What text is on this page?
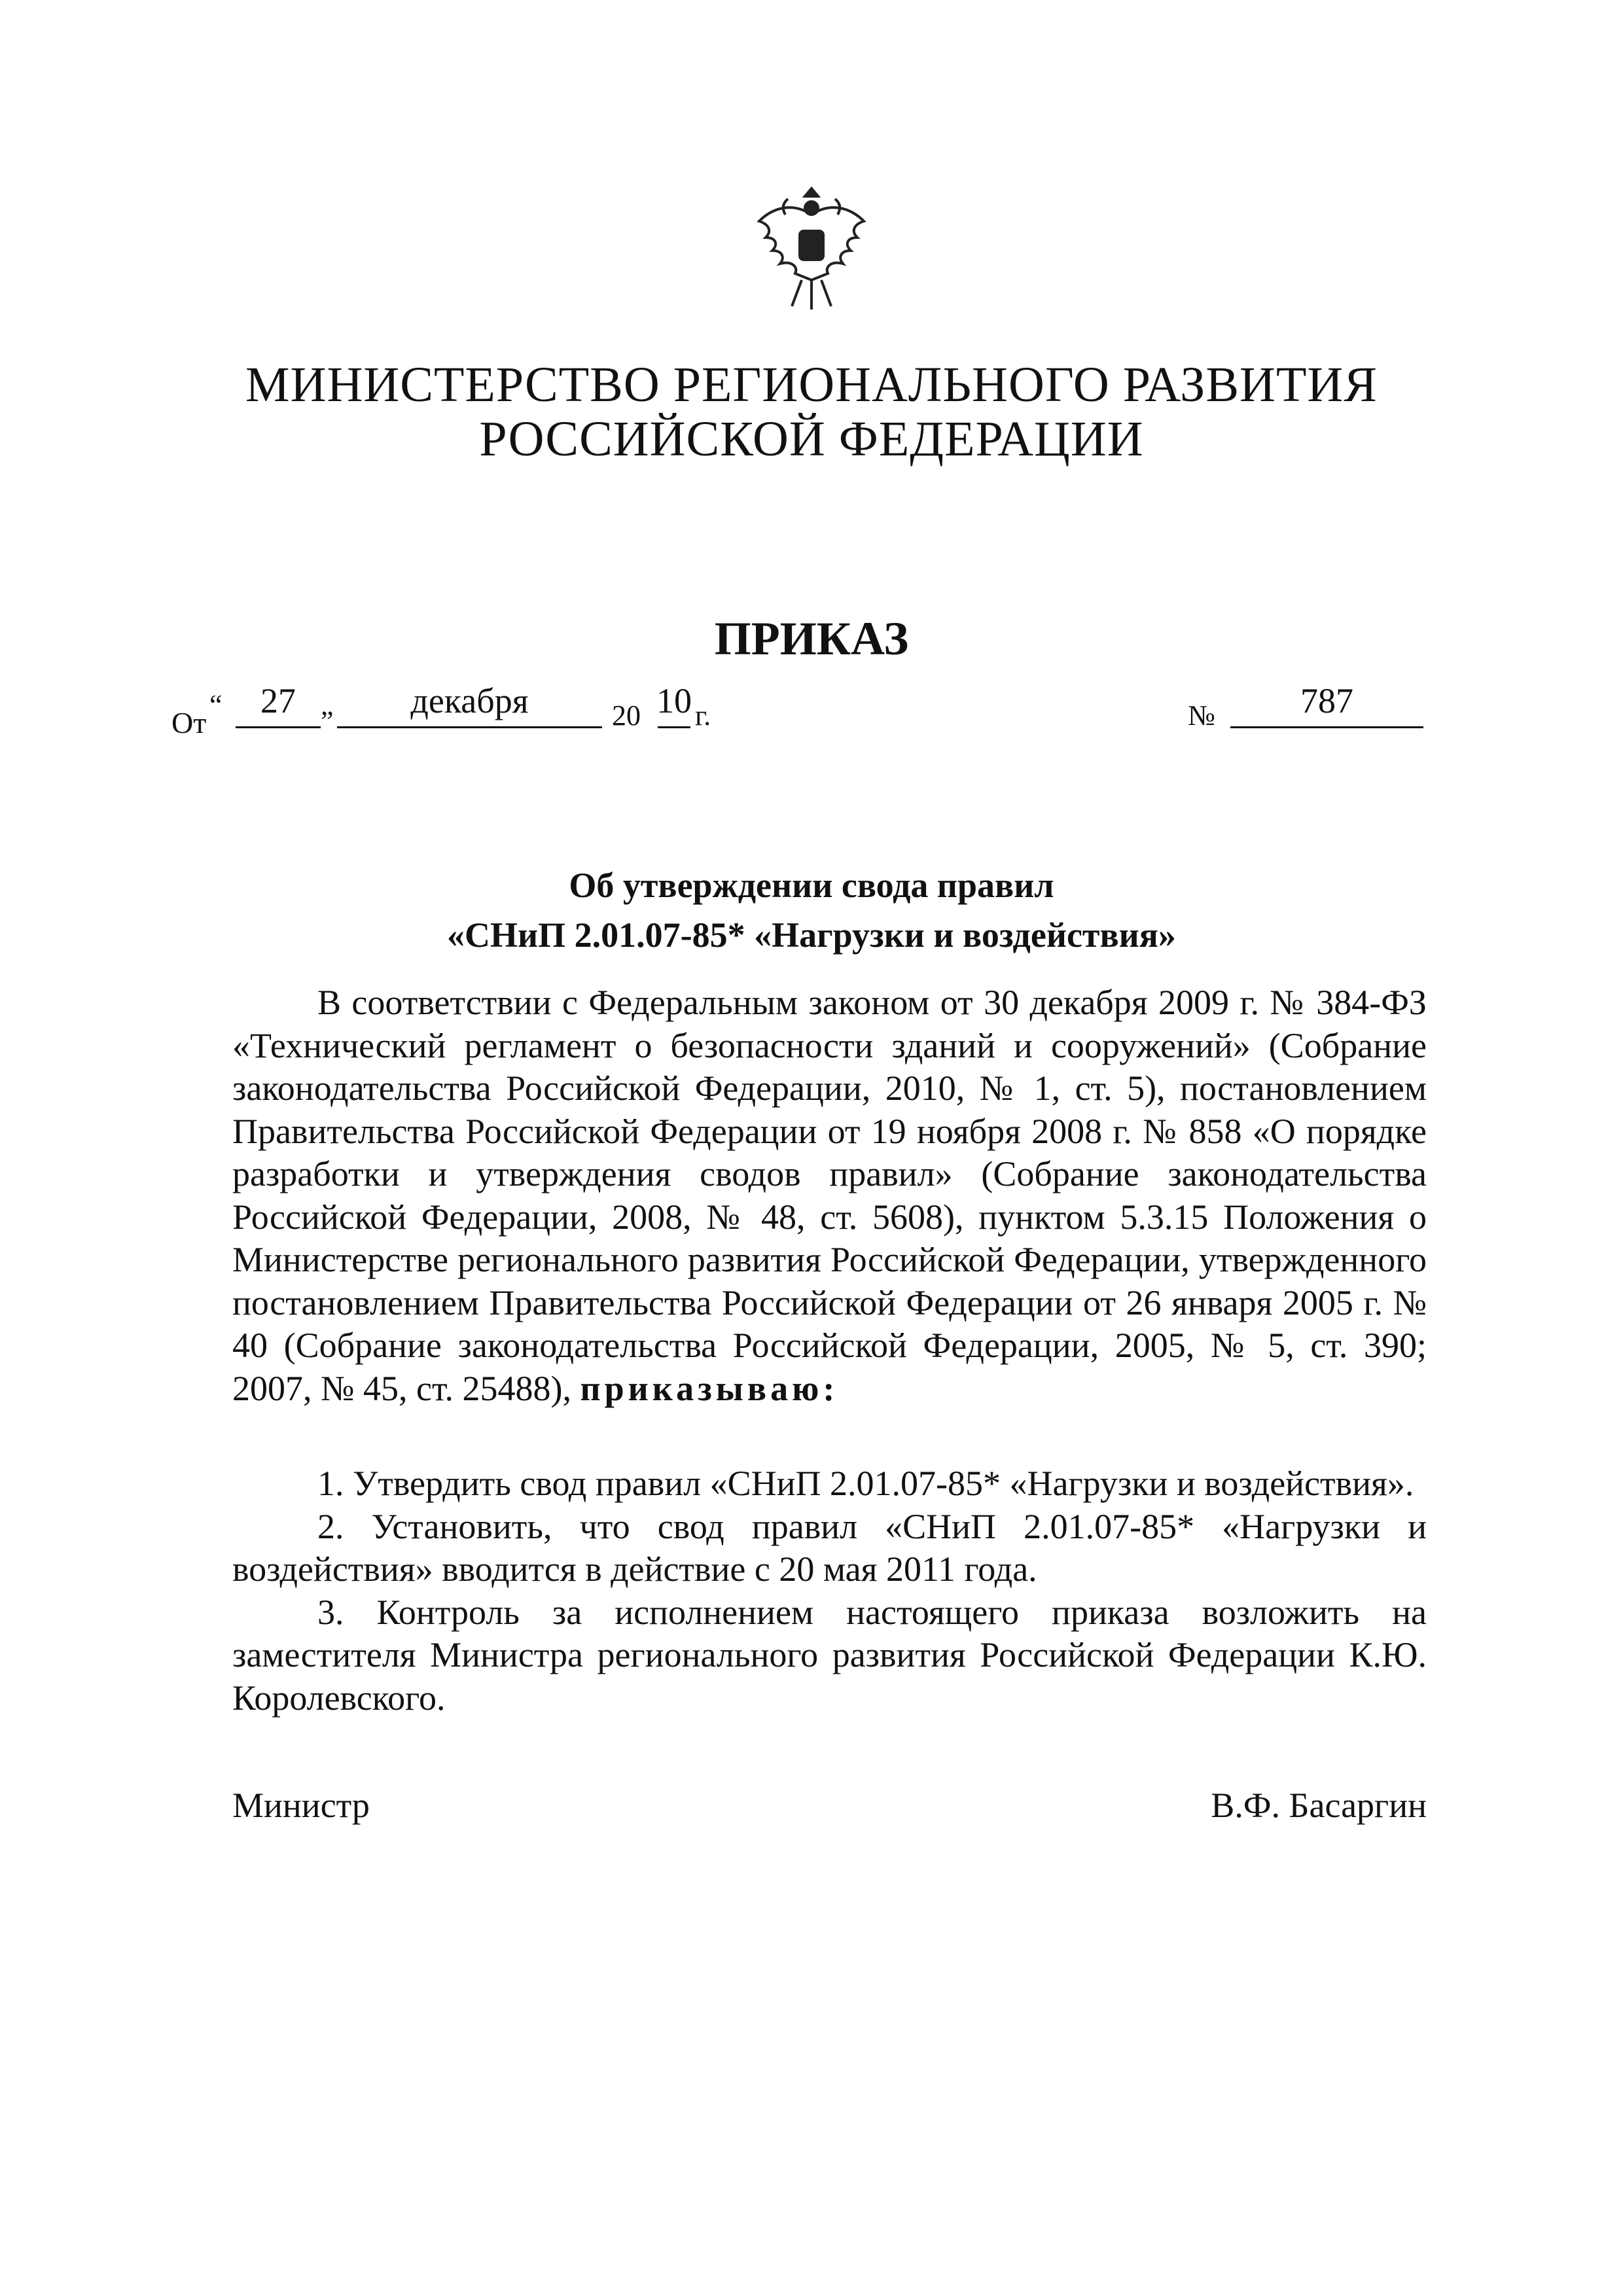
МИНИСТЕРСТВО РЕГИОНАЛЬНОГО РАЗВИТИЯ
РОССИЙСКОЙ ФЕДЕРАЦИИ
ПРИКАЗ
От
“	27 „	декабря	20 10 г.	№	787
Об утверждении свода правил
«СНиП 2.01.07-85* «Нагрузки и воздействия»

В соответствии с Федеральным законом от 30 декабря 2009 г. № 384-ФЗ «Технический регламент о безопасности зданий и сооружений» (Собрание законодательства Российской Федерации, 2010, № 1, ст. 5), постановлением Правительства Российской Федерации от 19 ноября 2008 г. № 858 «О порядке разработки и утверждения сводов правил» (Собрание законодательства Российской Федерации, 2008, № 48, ст. 5608), пунктом 5.3.15 Положения о Министерстве регионального развития Российской Федерации, утвержденного постановлением Правительства Российской Федерации от 26 января 2005 г. № 40 (Собрание законодательства Российской Федерации, 2005, № 5, ст. 390; 2007, № 45, ст. 25488), приказываю:

1. Утвердить свод правил «СНиП 2.01.07-85* «Нагрузки и воздействия».

2. Установить, что свод правил «СНиП 2.01.07-85* «Нагрузки и воздействия» вводится в действие с 20 мая 2011 года.

3. Контроль за исполнением настоящего приказа возложить на заместителя Министра регионального развития Российской Федерации К.Ю. Королевского.

Министр	В.Ф. Басаргин
